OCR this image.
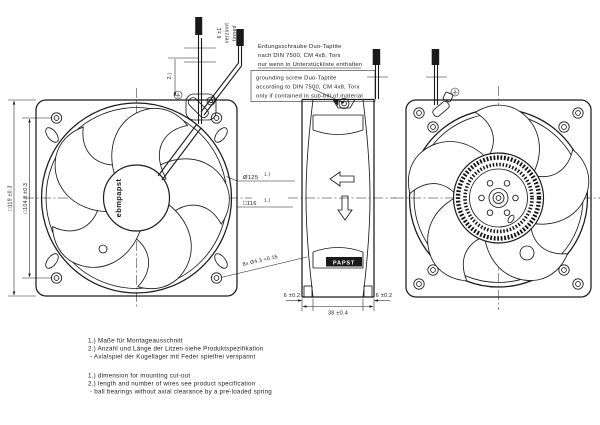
ebmpapst
□119 ±0.3 □104.8 ±0.3
2.)
6 ±1 verzinnt tinned
Ø125 1.)
□116 1.)
8x Ø4.3 +0.15	PAPST
6 ±0.2	6 ±0.2
38 ±0.4
Erdungsschraube Duo-Taptite
nach DIN 7500, CM 4x8, Torx
nur wenn in Unterstückliste enthalten
grounding screw Duo-Taptite
according to DIN 7500, CM 4x8, Torx
only if contained in sub-bill of material
1.) Maße für Montageausschnitt
2.) Anzahl und Länge der Litzen siehe Produktspezifikation
- Axialspiel der Kugellager mit Feder spielfrei verspannt
1.) dimension for mounting cut-out
2.) length and number of wires see product specification
- ball bearings without axial clearance by a pre-loaded spring
